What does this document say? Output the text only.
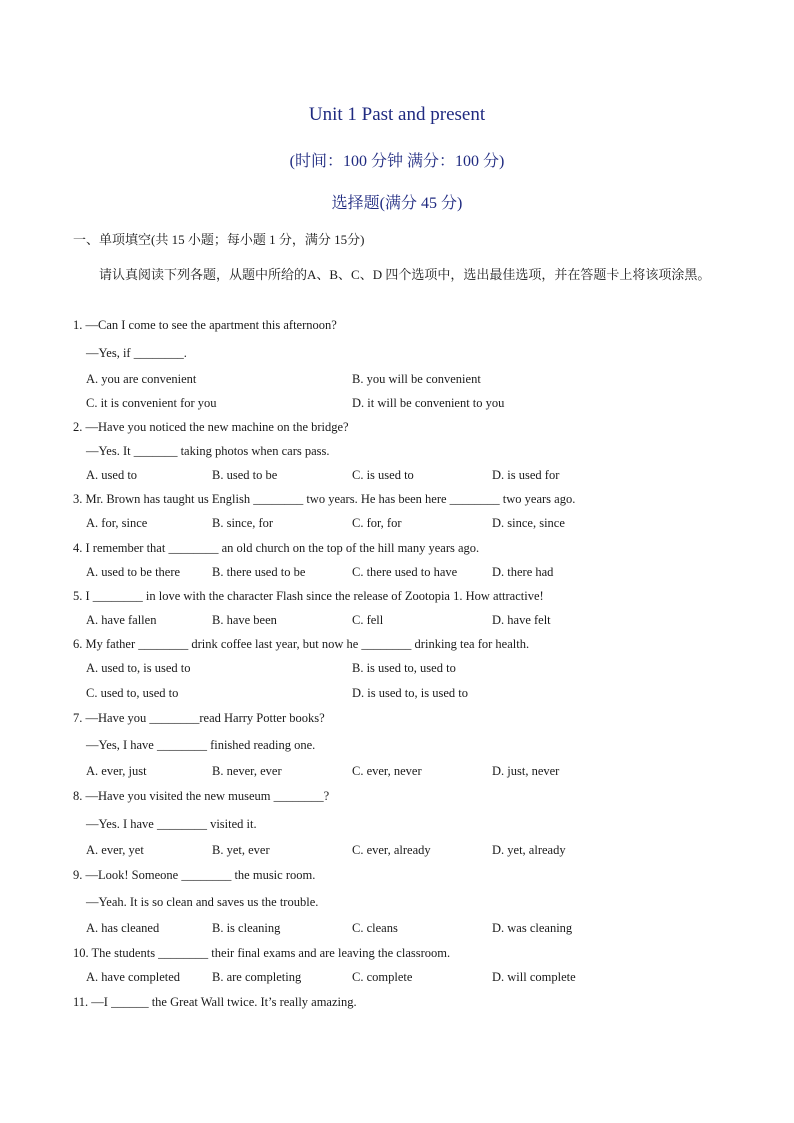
Unit 1 Past and present
(时间：100 分钟 满分：100 分)
选择题(满分 45 分)
一、单项填空(共 15 小题；每小题 1 分，满分 15分)
请认真阅读下列各题，从题中所给的A、B、C、D 四个选项中，选出最佳选项，并在答题卡上将该项涂黑。
1. —Can I come to see the apartment this afternoon?
—Yes, if ________.
A. you are convenient	B. you will be convenient
C. it is convenient for you	D. it will be convenient to you
2. —Have you noticed the new machine on the bridge?
—Yes. It _______ taking photos when cars pass.
A. used to	B. used to be	C. is used to	D. is used for
3. Mr. Brown has taught us English ________ two years. He has been here ________ two years ago.
A. for, since	B. since, for	C. for, for	D. since, since
4. I remember that ________ an old church on the top of the hill many years ago.
A. used to be there	B. there used to be	C. there used to have	D. there had
5. I ________ in love with the character Flash since the release of Zootopia 1. How attractive!
A. have fallen	B. have been	C. fell	D. have felt
6. My father ________ drink coffee last year, but now he ________ drinking tea for health.
A. used to, is used to	B. is used to, used to
C. used to, used to	D. is used to, is used to
7. —Have you ________read Harry Potter books?
—Yes, I have ________ finished reading one.
A. ever, just	B. never, ever	C. ever, never	D. just, never
8. —Have you visited the new museum ________?
—Yes. I have ________ visited it.
A. ever, yet	B. yet, ever	C. ever, already	D. yet, already
9. —Look! Someone ________ the music room.
—Yeah. It is so clean and saves us the trouble.
A. has cleaned	B. is cleaning	C. cleans	D. was cleaning
10. The students ________ their final exams and are leaving the classroom.
A. have completed	B. are completing	C. complete	D. will complete
11. —I ______ the Great Wall twice. It’s really amazing.
